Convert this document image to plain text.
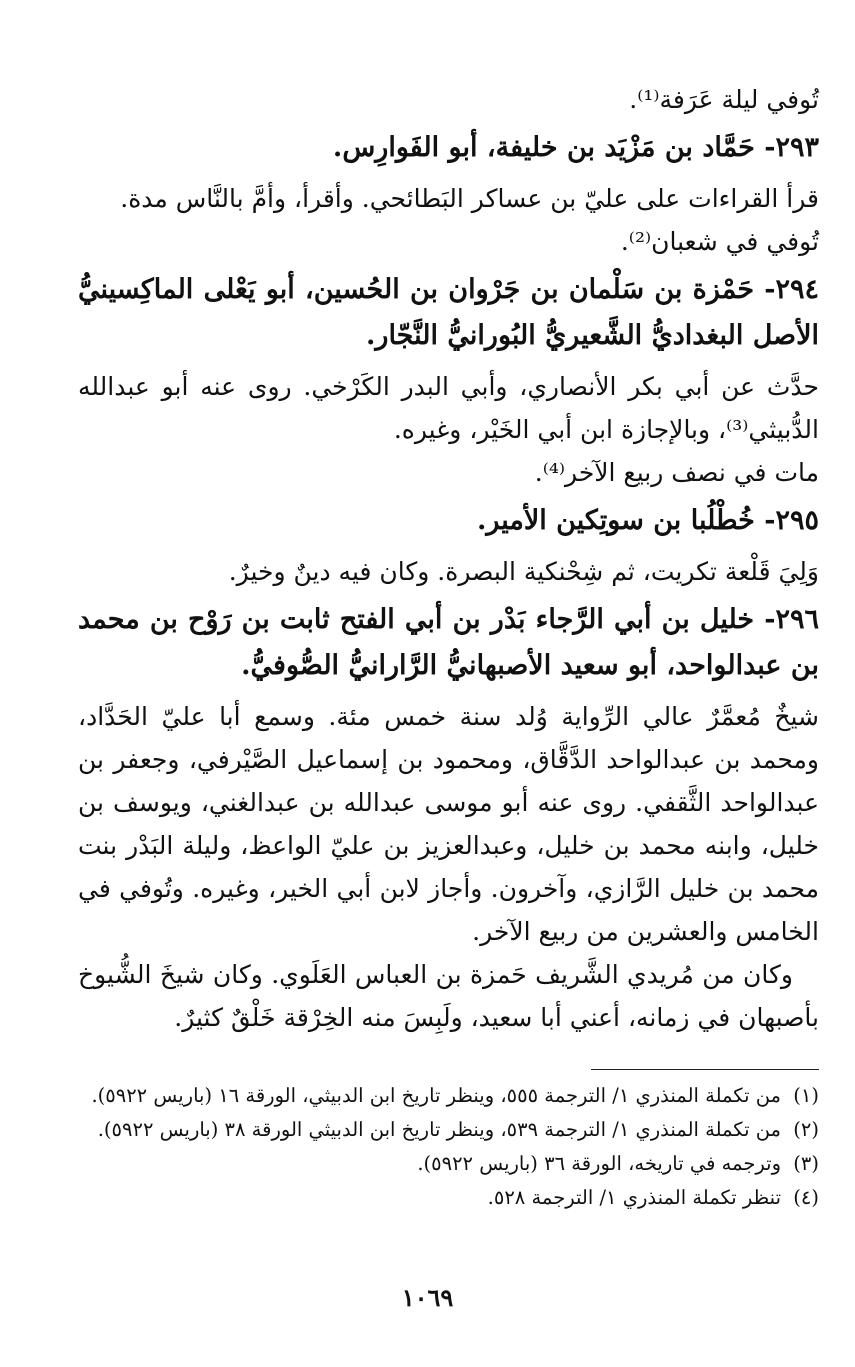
تُوفي ليلة عَرَفة⁽¹⁾.

٢٩٣- حَمَّاد بن مَزْيَد بن خليفة، أبو الفَوارِس.

قرأ القراءات على عليّ بن عساكر البَطائحي. وأقرأ، وأمَّ بالنَّاس مدة.

تُوفي في شعبان⁽²⁾.

٢٩٤- حَمْزة بن سَلْمان بن جَرْوان بن الحُسين، أبو يَعْلى الماكِسينيُّ الأصل البغداديُّ الشَّعيريُّ البُورانيُّ النَّجّار.

حدَّث عن أبي بكر الأنصاري، وأبي البدر الكَرْخي. روى عنه أبو عبدالله الدُّبيثي⁽³⁾، وبالإجازة ابن أبي الخَيْر، وغيره.

مات في نصف ربيع الآخر⁽⁴⁾.

٢٩٥- خُطْلُبا بن سوتِكين الأمير.

وَلِيَ قَلْعة تكريت، ثم شِحْنكية البصرة. وكان فيه دينٌ وخيرٌ.

٢٩٦- خليل بن أبي الرَّجاء بَدْر بن أبي الفتح ثابت بن رَوْح بن محمد بن عبدالواحد، أبو سعيد الأصبهانيُّ الرَّارانيُّ الصُّوفيُّ.

شيخٌ مُعمَّرٌ عالي الرِّواية وُلد سنة خمس مئة. وسمع أبا عليّ الحَدَّاد، ومحمد بن عبدالواحد الدَّقَّاق، ومحمود بن إسماعيل الصَّيْرفي، وجعفر بن عبدالواحد الثَّقفي. روى عنه أبو موسى عبدالله بن عبدالغني، ويوسف بن خليل، وابنه محمد بن خليل، وعبدالعزيز بن عليّ الواعظ، وليلة البَدْر بنت محمد بن خليل الرَّازي، وآخرون. وأجاز لابن أبي الخير، وغيره. وتُوفي في الخامس والعشرين من ربيع الآخر.

وكان من مُريدي الشَّريف حَمزة بن العباس العَلَوي. وكان شيخَ الشُّيوخ بأصبهان في زمانه، أعني أبا سعيد، ولَبِسَ منه الخِرْقة خَلْقٌ كثيرٌ.

(١)
من تكملة المنذري ١/ الترجمة ٥٥٥، وينظر تاريخ ابن الدبيثي، الورقة ١٦ (باريس ٥٩٢٢).
(٢)
من تكملة المنذري ١/ الترجمة ٥٣٩، وينظر تاريخ ابن الدبيثي الورقة ٣٨ (باريس ٥٩٢٢).
(٣)
وترجمه في تاريخه، الورقة ٣٦ (باريس ٥٩٢٢).
(٤)
تنظر تكملة المنذري ١/ الترجمة ٥٢٨.
١٠٦٩
